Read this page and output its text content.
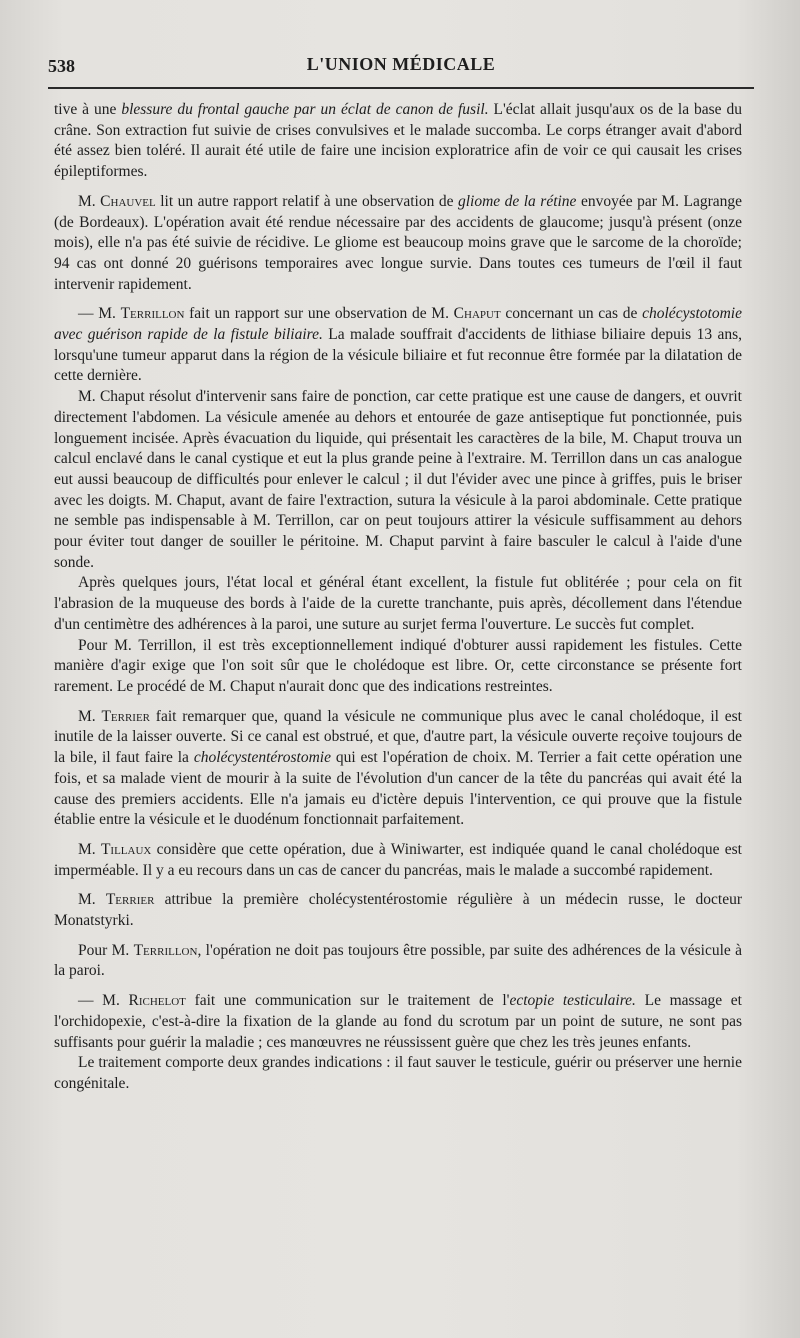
538	L'UNION MÉDICALE

tive à une blessure du frontal gauche par un éclat de canon de fusil. L'éclat allait jusqu'aux os de la base du crâne. Son extraction fut suivie de crises convulsives et le malade succomba. Le corps étranger avait d'abord été assez bien toléré. Il aurait été utile de faire une incision exploratrice afin de voir ce qui causait les crises épileptiformes.

M. Chauvel lit un autre rapport relatif à une observation de gliome de la rétine envoyée par M. Lagrange (de Bordeaux). L'opération avait été rendue nécessaire par des accidents de glaucome; jusqu'à présent (onze mois), elle n'a pas été suivie de récidive. Le gliome est beaucoup moins grave que le sarcome de la choroïde; 94 cas ont donné 20 guérisons temporaires avec longue survie. Dans toutes ces tumeurs de l'œil il faut intervenir rapidement.

— M. Terrillon fait un rapport sur une observation de M. Chaput concernant un cas de cholécystotomie avec guérison rapide de la fistule biliaire. La malade souffrait d'accidents de lithiase biliaire depuis 13 ans, lorsqu'une tumeur apparut dans la région de la vésicule biliaire et fut reconnue être formée par la dilatation de cette dernière.

M. Chaput résolut d'intervenir sans faire de ponction, car cette pratique est une cause de dangers, et ouvrit directement l'abdomen. La vésicule amenée au dehors et entourée de gaze antiseptique fut ponctionnée, puis longuement incisée. Après évacuation du liquide, qui présentait les caractères de la bile, M. Chaput trouva un calcul enclavé dans le canal cystique et eut la plus grande peine à l'extraire. M. Terrillon dans un cas analogue eut aussi beaucoup de difficultés pour enlever le calcul ; il dut l'évider avec une pince à griffes, puis le briser avec les doigts. M. Chaput, avant de faire l'extraction, sutura la vésicule à la paroi abdominale. Cette pratique ne semble pas indispensable à M. Terrillon, car on peut toujours attirer la vésicule suffisamment au dehors pour éviter tout danger de souiller le péritoine. M. Chaput parvint à faire basculer le calcul à l'aide d'une sonde.

Après quelques jours, l'état local et général étant excellent, la fistule fut oblitérée ; pour cela on fit l'abrasion de la muqueuse des bords à l'aide de la curette tranchante, puis après, décollement dans l'étendue d'un centimètre des adhérences à la paroi, une suture au surjet ferma l'ouverture. Le succès fut complet.

Pour M. Terrillon, il est très exceptionnellement indiqué d'obturer aussi rapidement les fistules. Cette manière d'agir exige que l'on soit sûr que le cholédoque est libre. Or, cette circonstance se présente fort rarement. Le procédé de M. Chaput n'aurait donc que des indications restreintes.

M. Terrier fait remarquer que, quand la vésicule ne communique plus avec le canal cholédoque, il est inutile de la laisser ouverte. Si ce canal est obstrué, et que, d'autre part, la vésicule ouverte reçoive toujours de la bile, il faut faire la cholécystentérostomie qui est l'opération de choix. M. Terrier a fait cette opération une fois, et sa malade vient de mourir à la suite de l'évolution d'un cancer de la tête du pancréas qui avait été la cause des premiers accidents. Elle n'a jamais eu d'ictère depuis l'intervention, ce qui prouve que la fistule établie entre la vésicule et le duodénum fonctionnait parfaitement.

M. Tillaux considère que cette opération, due à Winiwarter, est indiquée quand le canal cholédoque est imperméable. Il y a eu recours dans un cas de cancer du pancréas, mais le malade a succombé rapidement.

M. Terrier attribue la première cholécystentérostomie régulière à un médecin russe, le docteur Monatstyrki.

Pour M. Terrillon, l'opération ne doit pas toujours être possible, par suite des adhérences de la vésicule à la paroi.

— M. Richelot fait une communication sur le traitement de l'ectopie testiculaire. Le massage et l'orchidopexie, c'est-à-dire la fixation de la glande au fond du scrotum par un point de suture, ne sont pas suffisants pour guérir la maladie ; ces manœuvres ne réussissent guère que chez les très jeunes enfants.

Le traitement comporte deux grandes indications : il faut sauver le testicule, guérir ou préserver une hernie congénitale.
